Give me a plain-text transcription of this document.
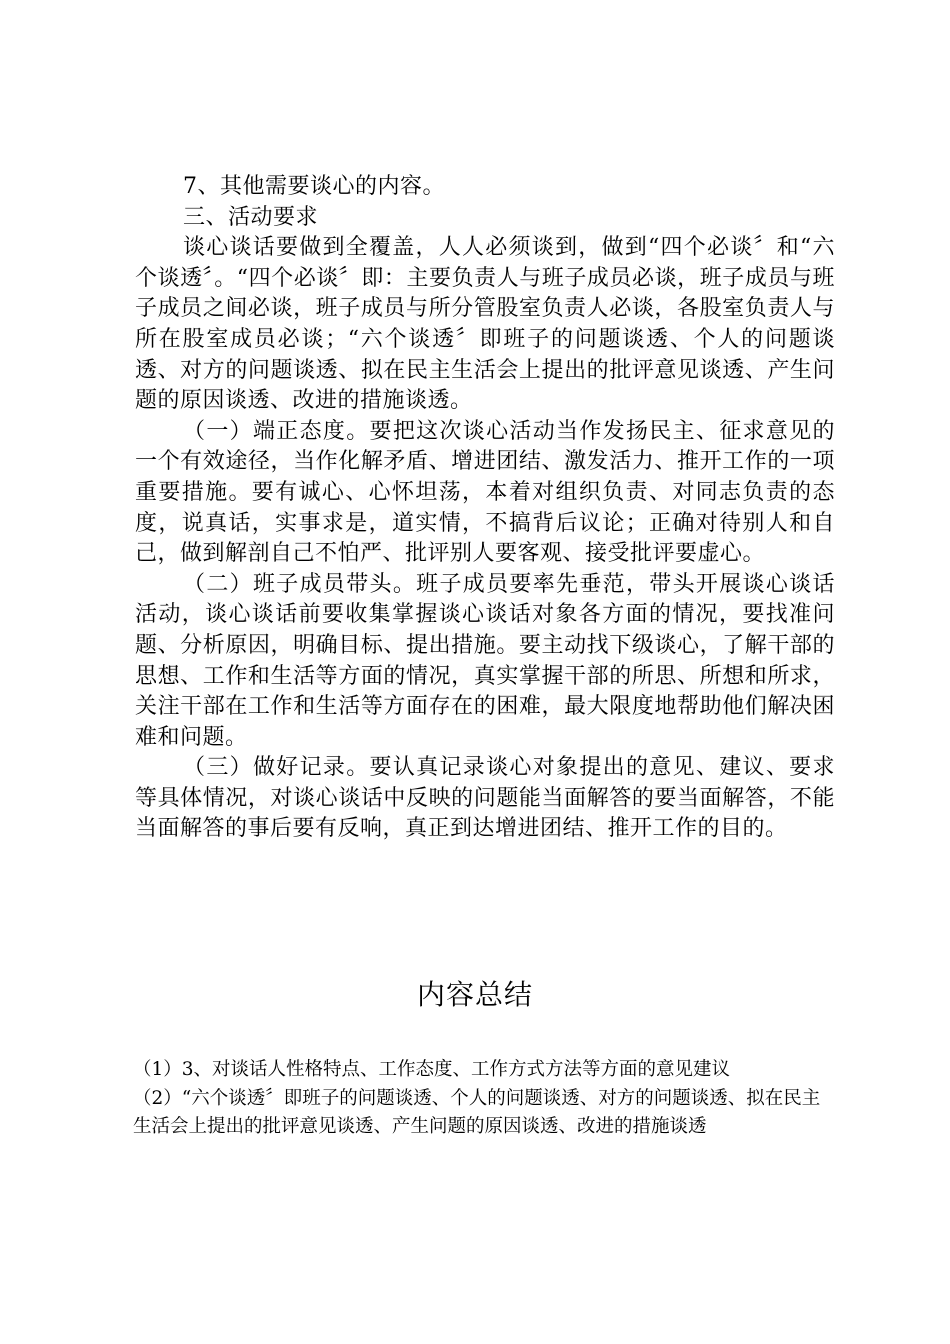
7、其他需要谈心的内容。

三、活动要求

谈心谈话要做到全覆盖，人人必须谈到，做到“四个必谈〞和“六个谈透〞。“四个必谈〞即：主要负责人与班子成员必谈，班子成员与班子成员之间必谈，班子成员与所分管股室负责人必谈，各股室负责人与所在股室成员必谈；“六个谈透〞即班子的问题谈透、个人的问题谈透、对方的问题谈透、拟在民主生活会上提出的批评意见谈透、产生问题的原因谈透、改进的措施谈透。

（一）端正态度。要把这次谈心活动当作发扬民主、征求意见的一个有效途径，当作化解矛盾、增进团结、激发活力、推开工作的一项重要措施。要有诚心、心怀坦荡，本着对组织负责、对同志负责的态度，说真话，实事求是，道实情，不搞背后议论；正确对待别人和自己，做到解剖自己不怕严、批评别人要客观、接受批评要虚心。

（二）班子成员带头。班子成员要率先垂范，带头开展谈心谈话活动，谈心谈话前要收集掌握谈心谈话对象各方面的情况，要找准问题、分析原因，明确目标、提出措施。要主动找下级谈心，了解干部的思想、工作和生活等方面的情况，真实掌握干部的所思、所想和所求，关注干部在工作和生活等方面存在的困难，最大限度地帮助他们解决困难和问题。

（三）做好记录。要认真记录谈心对象提出的意见、建议、要求等具体情况，对谈心谈话中反映的问题能当面解答的要当面解答，不能当面解答的事后要有反响，真正到达增进团结、推开工作的目的。

内容总结

（1）3、对谈话人性格特点、工作态度、工作方式方法等方面的意见建议

（2）“六个谈透〞即班子的问题谈透、个人的问题谈透、对方的问题谈透、拟在民主生活会上提出的批评意见谈透、产生问题的原因谈透、改进的措施谈透
